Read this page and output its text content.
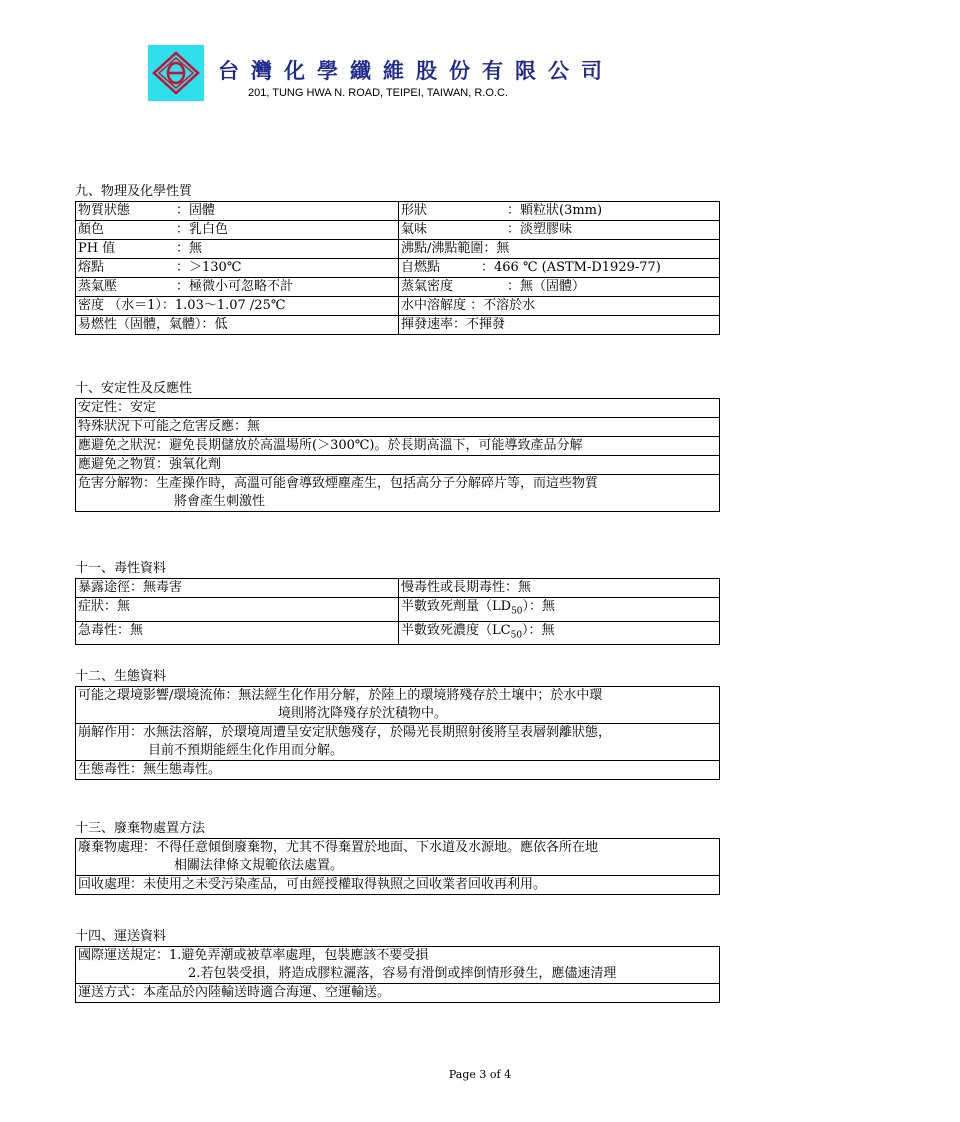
台灣化學纖維股份有限公司
201, TUNG HWA N. ROAD, TEIPEI, TAIWAN, R.O.C.
九、物理及化學性質
物質狀態 ：固體	形狀 ：顆粒狀(3mm)
顏色 ：乳白色	氣味 ：淡塑膠味
PH 值 ：無	沸點/沸點範圍：無
熔點 ：＞130℃	自燃點 ：466 ℃ (ASTM-D1929-77)
蒸氣壓 ：極微小可忽略不計	蒸氣密度 ：無（固體）
密度 （水＝1）：1.03～1.07 /25℃	水中溶解度 ：不溶於水
易燃性（固體，氣體）：低	揮發速率：不揮發
十、安定性及反應性
安定性：安定
特殊狀況下可能之危害反應：無
應避免之狀況：避免長期儲放於高溫場所(＞300℃)。於長期高溫下，可能導致產品分解
應避免之物質：強氧化劑

危害分解物：生產操作時，高溫可能會導致煙塵產生，包括高分子分解碎片等，而這些物質
將會產生刺激性
十一、毒性資料
暴露途徑：無毒害	慢毒性或長期毒性：無
症狀：無	半數致死劑量$(LD_{50})$：無
急毒性：無	半數致死濃度$(LC_{50})$：無
十二、生態資料
可能之環境影響/環境流佈：無法經生化作用分解，於陸上的環境將殘存於土壤中；於水中環
境則將沈降殘存於沈積物中。

崩解作用：水無法溶解，於環境周遭呈安定狀態殘存，於陽光長期照射後將呈表層剝離狀態，
目前不預期能經生化作用而分解。

生態毒性：無生態毒性。
十三、廢棄物處置方法
廢棄物處理：不得任意傾倒廢棄物，尤其不得棄置於地面、下水道及水源地。應依各所在地
相關法律條文規範依法處置。

回收處理：未使用之未受污染產品，可由經授權取得執照之回收業者回收再利用。
十四、運送資料
國際運送規定：1.避免弄潮或被草率處理，包裝應該不要受損
2.若包裝受損，將造成膠粒灑落，容易有滑倒或摔倒情形發生，應儘速清理

運送方式：本產品於內陸輸送時適合海運、空運輸送。
Page 3 of 4
